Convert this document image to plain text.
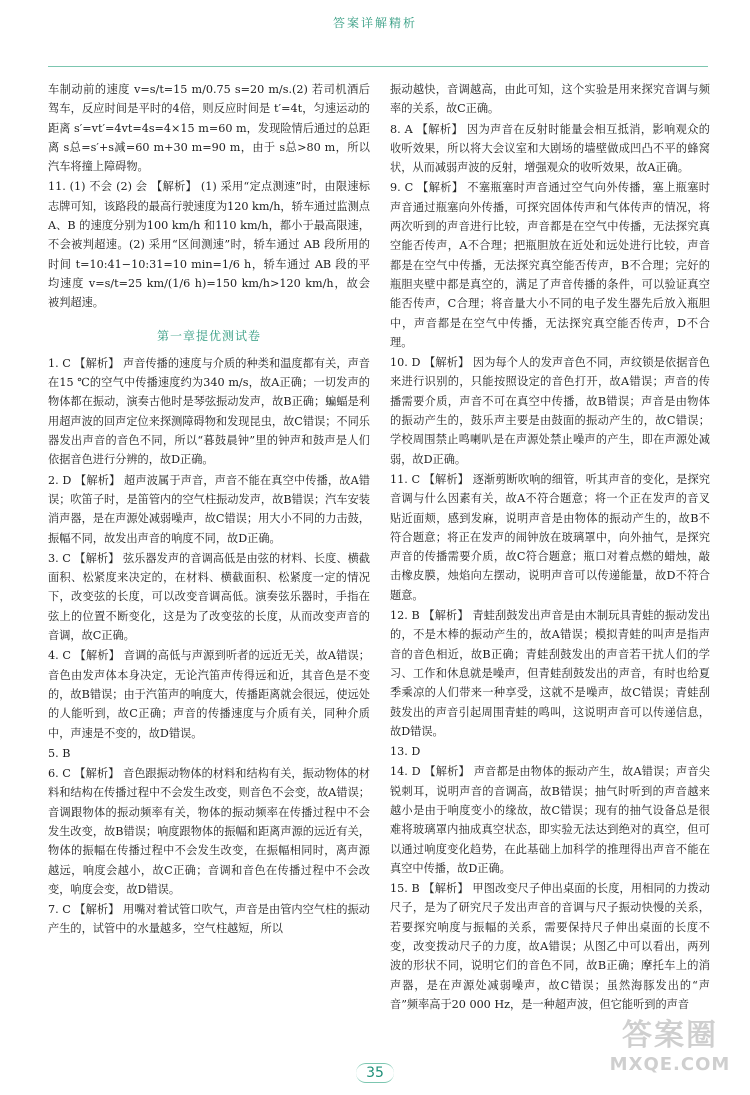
答案详解精析

车制动前的速度 v=s/t=15 m/0.75 s=20 m/s.(2) 若司机酒后驾车，反应时间是平时的4倍，则反应时间是 t′=4t，匀速运动的距离 s′=vt′=4vt=4s=4×15 m=60 m，发现险情后通过的总距离 s总=s′+s减=60 m+30 m=90 m，由于 s总>80 m，所以汽车将撞上障碍物。

11. (1) 不会 (2) 会 【解析】 (1) 采用“定点测速”时，由限速标志牌可知，该路段的最高行驶速度为120 km/h，轿车通过监测点 A、B 的速度分别为100 km/h 和110 km/h，都小于最高限速，不会被判超速。(2) 采用“区间测速”时，轿车通过 AB 段所用的时间 t=10:41−10:31=10 min=1/6 h，轿车通过 AB 段的平均速度 v=s/t=25 km/(1/6 h)=150 km/h>120 km/h，故会被判超速。

第一章提优测试卷

1. C 【解析】 声音传播的速度与介质的种类和温度都有关，声音在15 ℃的空气中传播速度约为340 m/s，故A正确；一切发声的物体都在振动，演奏古他时是琴弦振动发声，故B正确；蝙蝠是利用超声波的回声定位来探测障碍物和发现昆虫，故C错误；不同乐器发出声音的音色不同，所以“暮鼓晨钟”里的钟声和鼓声是人们依据音色进行分辨的，故D正确。

2. D 【解析】 超声波属于声音，声音不能在真空中传播，故A错误；吹笛子时，是笛管内的空气柱振动发声，故B错误；汽车安装消声器，是在声源处减弱噪声，故C错误；用大小不同的力击鼓，振幅不同，故发出声音的响度不同，故D正确。

3. C 【解析】 弦乐器发声的音调高低是由弦的材料、长度、横截面积、松紧度来决定的，在材料、横截面积、松紧度一定的情况下，改变弦的长度，可以改变音调高低。演奏弦乐器时，手指在弦上的位置不断变化，这是为了改变弦的长度，从而改变声音的音调，故C正确。

4. C 【解析】 音调的高低与声源到听者的远近无关，故A错误；音色由发声体本身决定，无论汽笛声传得远和近，其音色是不变的，故B错误；由于汽笛声的响度大，传播距离就会很远，使远处的人能听到，故C正确；声音的传播速度与介质有关，同种介质中，声速是不变的，故D错误。

5. B

6. C 【解析】 音色跟振动物体的材料和结构有关，振动物体的材料和结构在传播过程中不会发生改变，则音色不会变，故A错误；音调跟物体的振动频率有关，物体的振动频率在传播过程中不会发生改变，故B错误；响度跟物体的振幅和距离声源的远近有关，物体的振幅在传播过程中不会发生改变，在振幅相同时，离声源越远，响度会越小，故C正确；音调和音色在传播过程中不会改变，响度会变，故D错误。

7. C 【解析】 用嘴对着试管口吹气，声音是由管内空气柱的振动产生的，试管中的水量越多，空气柱越短，所以

振动越快，音调越高，由此可知，这个实验是用来探究音调与频率的关系，故C正确。

8. A 【解析】 因为声音在反射时能量会相互抵消，影响观众的收听效果，所以将大会议室和大剧场的墙壁做成凹凸不平的蜂窝状，从而减弱声波的反射，增强观众的收听效果，故A正确。

9. C 【解析】 不塞瓶塞时声音通过空气向外传播，塞上瓶塞时声音通过瓶塞向外传播，可探究固体传声和气体传声的情况，将两次听到的声音进行比较，声音都是在空气中传播，无法探究真空能否传声，A不合理；把瓶胆放在近处和远处进行比较，声音都是在空气中传播，无法探究真空能否传声，B不合理；完好的瓶胆夹壁中都是真空的，满足了声音传播的条件，可以验证真空能否传声，C合理；将音量大小不同的电子发生器先后放入瓶胆中，声音都是在空气中传播，无法探究真空能否传声，D不合理。

10. D 【解析】 因为每个人的发声音色不同，声纹锁是依据音色来进行识别的，只能按照设定的音色打开，故A错误；声音的传播需要介质，声音不可在真空中传播，故B错误；声音是由物体的振动产生的，鼓乐声主要是由鼓面的振动产生的，故C错误；学校周围禁止鸣喇叭是在声源处禁止噪声的产生，即在声源处减弱，故D正确。

11. C 【解析】 逐渐剪断吹响的细管，听其声音的变化，是探究音调与什么因素有关，故A不符合题意；将一个正在发声的音叉贴近面颊，感到发麻，说明声音是由物体的振动产生的，故B不符合题意；将正在发声的闹钟放在玻璃罩中，向外抽气，是探究声音的传播需要介质，故C符合题意；瓶口对着点燃的蜡烛，敲击橡皮膜，烛焰向左摆动，说明声音可以传递能量，故D不符合题意。

12. B 【解析】 青蛙刮鼓发出声音是由木制玩具青蛙的振动发出的，不是木棒的振动产生的，故A错误；模拟青蛙的叫声是指声音的音色相近，故B正确；青蛙刮鼓发出的声音若干扰人们的学习、工作和休息就是噪声，但青蛙刮鼓发出的声音，有时也给夏季乘凉的人们带来一种享受，这就不是噪声，故C错误；青蛙刮鼓发出的声音引起周围青蛙的鸣叫，这说明声音可以传递信息，故D错误。

13. D

14. D 【解析】 声音都是由物体的振动产生，故A错误；声音尖锐刺耳，说明声音的音调高，故B错误；抽气时听到的声音越来越小是由于响度变小的缘故，故C错误；现有的抽气设备总是很难将玻璃罩内抽成真空状态，即实验无法达到绝对的真空，但可以通过响度变化趋势，在此基础上加科学的推理得出声音不能在真空中传播，故D正确。

15. B 【解析】 甲图改变尺子伸出桌面的长度，用相同的力拨动尺子，是为了研究尺子发出声音的音调与尺子振动快慢的关系，若要探究响度与振幅的关系，需要保持尺子伸出桌面的长度不变，改变拨动尺子的力度，故A错误；从图乙中可以看出，两列波的形状不同，说明它们的音色不同，故B正确；摩托车上的消声器，是在声源处减弱噪声，故C错误；虽然海豚发出的“声音”频率高于20 000 Hz，是一种超声波，但它能听到的声音

35
答案圈
MXQE.COM
